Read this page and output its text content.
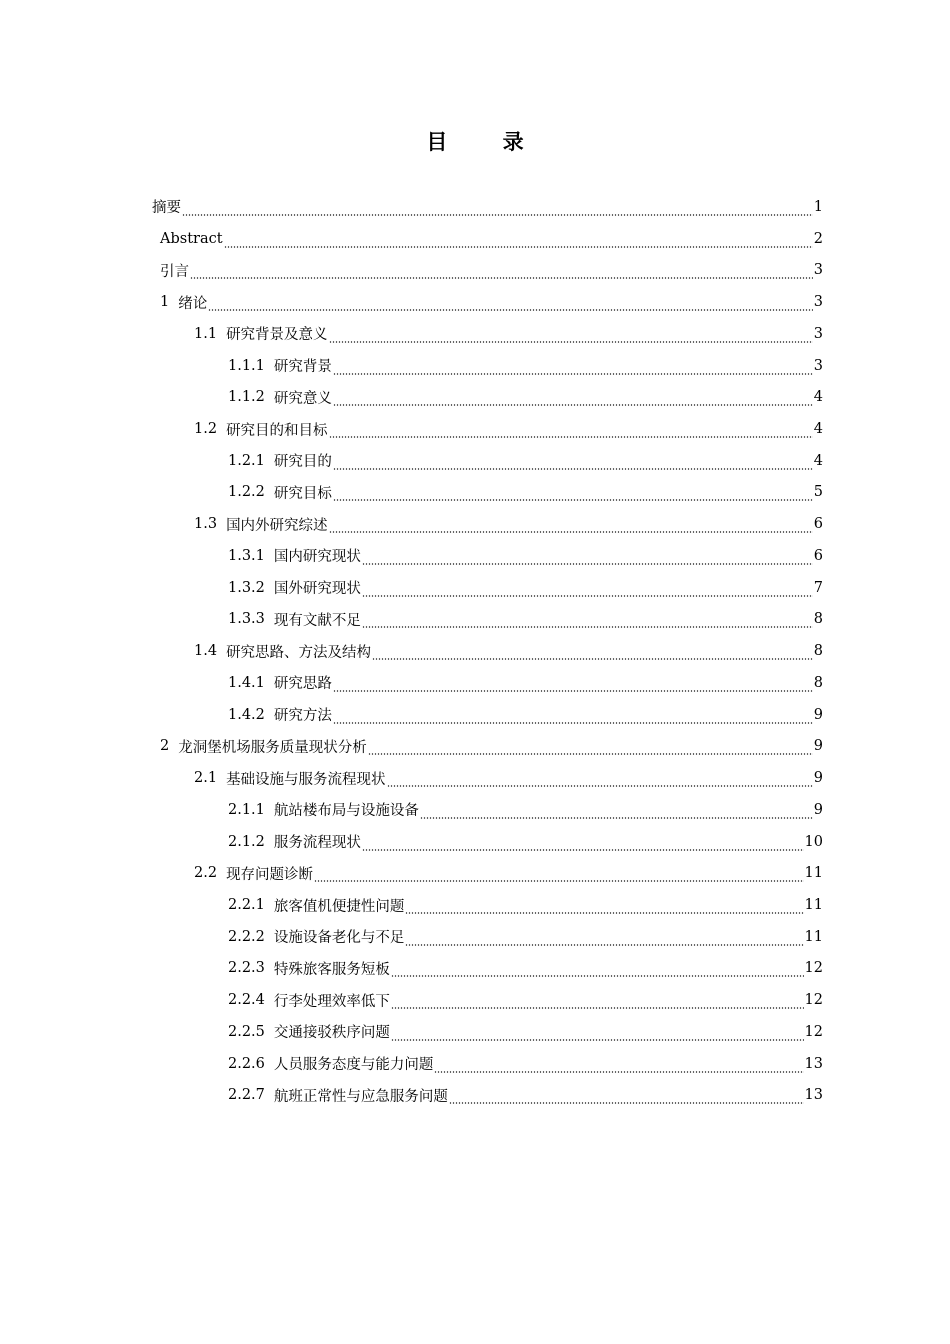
目 录
摘要	1
Abstract	2
引言	3
1 绪论	3
1.1 研究背景及意义	3
1.1.1 研究背景	3
1.1.2 研究意义	4
1.2 研究目的和目标	4
1.2.1 研究目的	4
1.2.2 研究目标	5
1.3 国内外研究综述	6
1.3.1 国内研究现状	6
1.3.2 国外研究现状	7
1.3.3 现有文献不足	8
1.4 研究思路、方法及结构	8
1.4.1 研究思路	8
1.4.2 研究方法	9
2 龙洞堡机场服务质量现状分析	9
2.1 基础设施与服务流程现状	9
2.1.1 航站楼布局与设施设备	9
2.1.2 服务流程现状	10
2.2 现存问题诊断	11
2.2.1 旅客值机便捷性问题	11
2.2.2 设施设备老化与不足	11
2.2.3 特殊旅客服务短板	12
2.2.4 行李处理效率低下	12
2.2.5 交通接驳秩序问题	12
2.2.6 人员服务态度与能力问题	13
2.2.7 航班正常性与应急服务问题	13
